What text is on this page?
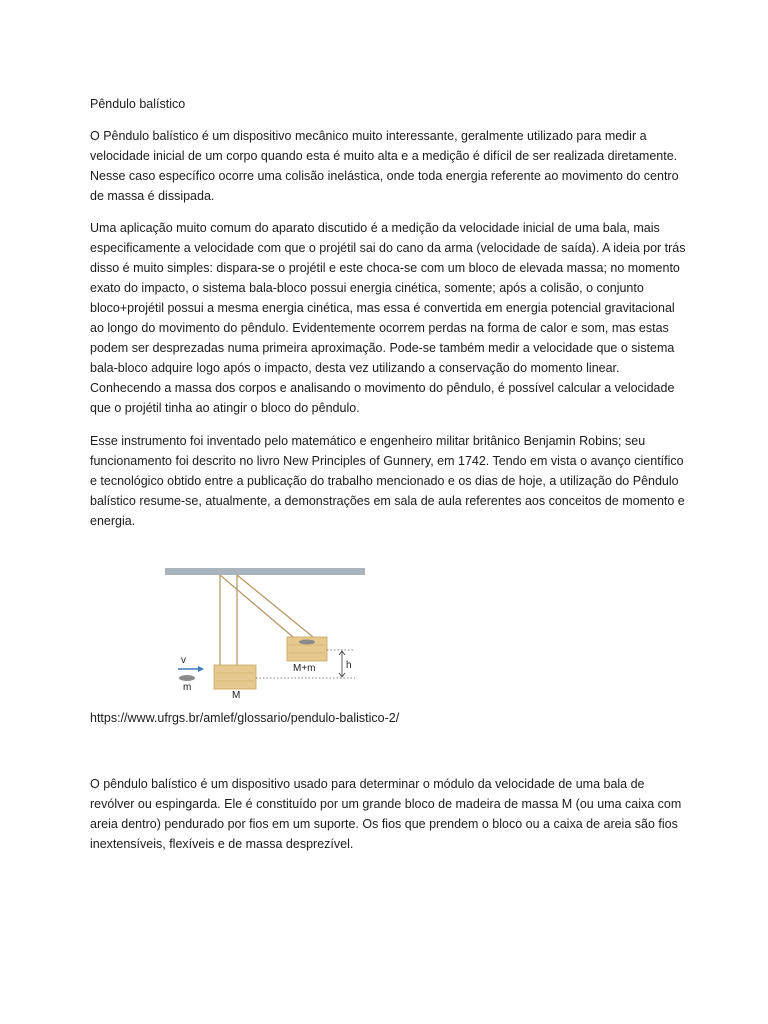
Pêndulo balístico

O Pêndulo balístico é um dispositivo mecânico muito interessante, geralmente utilizado para medir a velocidade inicial de um corpo quando esta é muito alta e a medição é difícil de ser realizada diretamente. Nesse caso específico ocorre uma colisão inelástica, onde toda energia referente ao movimento do centro de massa é dissipada.

Uma aplicação muito comum do aparato discutido é a medição da velocidade inicial de uma bala, mais especificamente a velocidade com que o projétil sai do cano da arma (velocidade de saída). A ideia por trás disso é muito simples: dispara-se o projétil e este choca-se com um bloco de elevada massa; no momento exato do impacto, o sistema bala-bloco possui energia cinética, somente; após a colisão, o conjunto bloco+projétil possui a mesma energia cinética, mas essa é convertida em energia potencial gravitacional ao longo do movimento do pêndulo. Evidentemente ocorrem perdas na forma de calor e som, mas estas podem ser desprezadas numa primeira aproximação. Pode-se também medir a velocidade que o sistema bala-bloco adquire logo após o impacto, desta vez utilizando a conservação do momento linear. Conhecendo a massa dos corpos e analisando o movimento do pêndulo, é possível calcular a velocidade que o projétil tinha ao atingir o bloco do pêndulo.

Esse instrumento foi inventado pelo matemático e engenheiro militar britânico Benjamin Robins; seu funcionamento foi descrito no livro New Principles of Gunnery, em 1742. Tendo em vista o avanço científico e tecnológico obtido entre a publicação do trabalho mencionado e os dias de hoje, a utilização do Pêndulo balístico resume-se, atualmente, a demonstrações em sala de aula referentes aos conceitos de momento e energia.

https://www.ufrgs.br/amlef/glossario/pendulo-balistico-2/

O pêndulo balístico é um dispositivo usado para determinar o módulo da velocidade de uma bala de revólver ou espingarda. Ele é constituído por um grande bloco de madeira de massa M (ou uma caixa com areia dentro) pendurado por fios em um suporte. Os fios que prendem o bloco ou a caixa de areia são fios inextensíveis, flexíveis e de massa desprezível.

v
m
M
M+m	h
